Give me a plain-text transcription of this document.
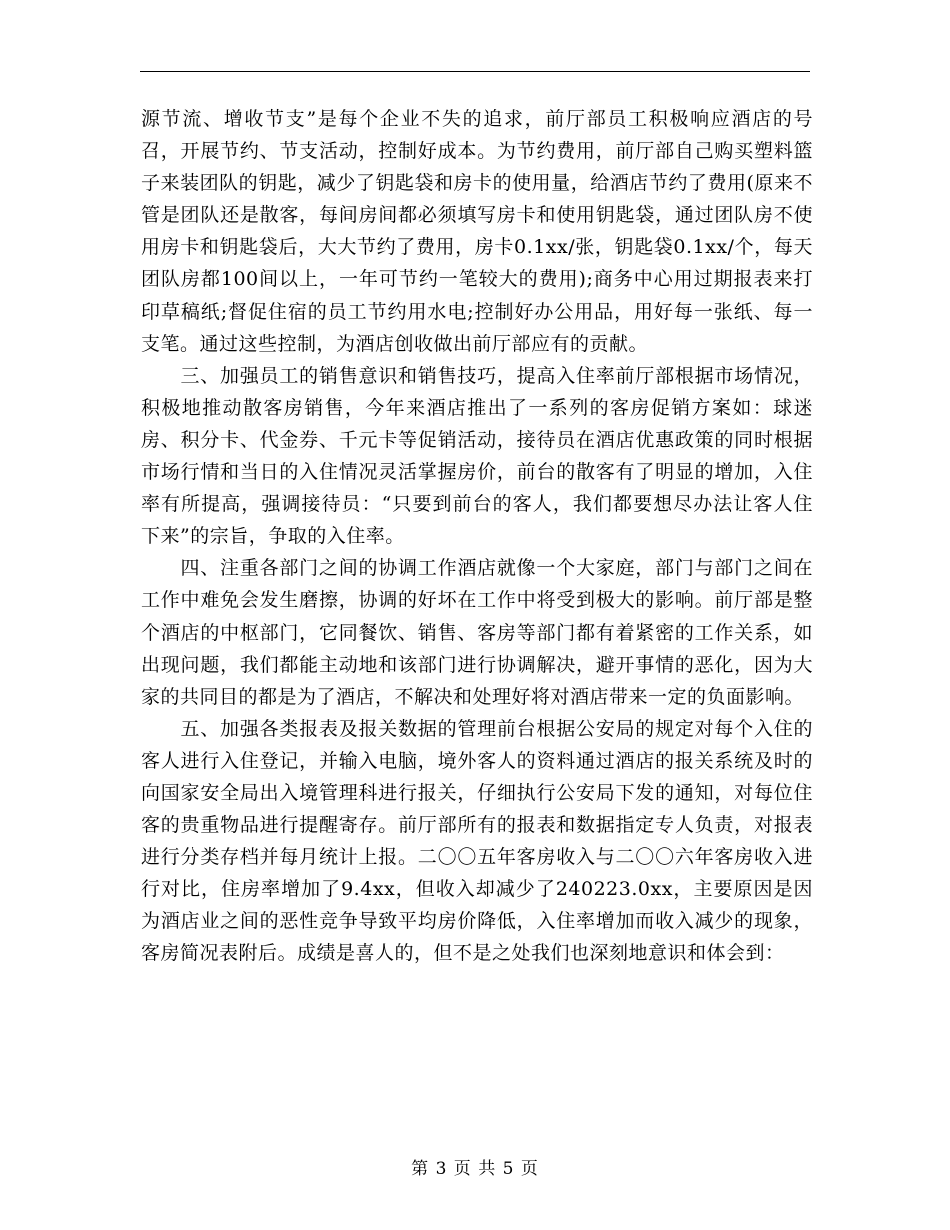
源节流、增收节支”是每个企业不失的追求，前厅部员工积极响应酒店的号召，开展节约、节支活动，控制好成本。为节约费用，前厅部自己购买塑料篮子来装团队的钥匙，减少了钥匙袋和房卡的使用量，给酒店节约了费用(原来不管是团队还是散客，每间房间都必须填写房卡和使用钥匙袋，通过团队房不使用房卡和钥匙袋后，大大节约了费用，房卡0.1xx/张，钥匙袋0.1xx/个，每天团队房都100间以上，一年可节约一笔较大的费用);商务中心用过期报表来打印草稿纸;督促住宿的员工节约用水电;控制好办公用品，用好每一张纸、每一支笔。通过这些控制，为酒店创收做出前厅部应有的贡献。

三、加强员工的销售意识和销售技巧，提高入住率前厅部根据市场情况，积极地推动散客房销售，今年来酒店推出了一系列的客房促销方案如：球迷房、积分卡、代金券、千元卡等促销活动，接待员在酒店优惠政策的同时根据市场行情和当日的入住情况灵活掌握房价，前台的散客有了明显的增加，入住率有所提高，强调接待员：“只要到前台的客人，我们都要想尽办法让客人住下来”的宗旨，争取的入住率。

四、注重各部门之间的协调工作酒店就像一个大家庭，部门与部门之间在工作中难免会发生磨擦，协调的好坏在工作中将受到极大的影响。前厅部是整个酒店的中枢部门，它同餐饮、销售、客房等部门都有着紧密的工作关系，如出现问题，我们都能主动地和该部门进行协调解决，避开事情的恶化，因为大家的共同目的都是为了酒店，不解决和处理好将对酒店带来一定的负面影响。

五、加强各类报表及报关数据的管理前台根据公安局的规定对每个入住的客人进行入住登记，并输入电脑，境外客人的资料通过酒店的报关系统及时的向国家安全局出入境管理科进行报关，仔细执行公安局下发的通知，对每位住客的贵重物品进行提醒寄存。前厅部所有的报表和数据指定专人负责，对报表进行分类存档并每月统计上报。二〇〇五年客房收入与二〇〇六年客房收入进行对比，住房率增加了9.4xx，但收入却减少了240223.0xx，主要原因是因为酒店业之间的恶性竞争导致平均房价降低，入住率增加而收入减少的现象，客房简况表附后。成绩是喜人的，但不是之处我们也深刻地意识和体会到：

第 3 页 共 5 页
